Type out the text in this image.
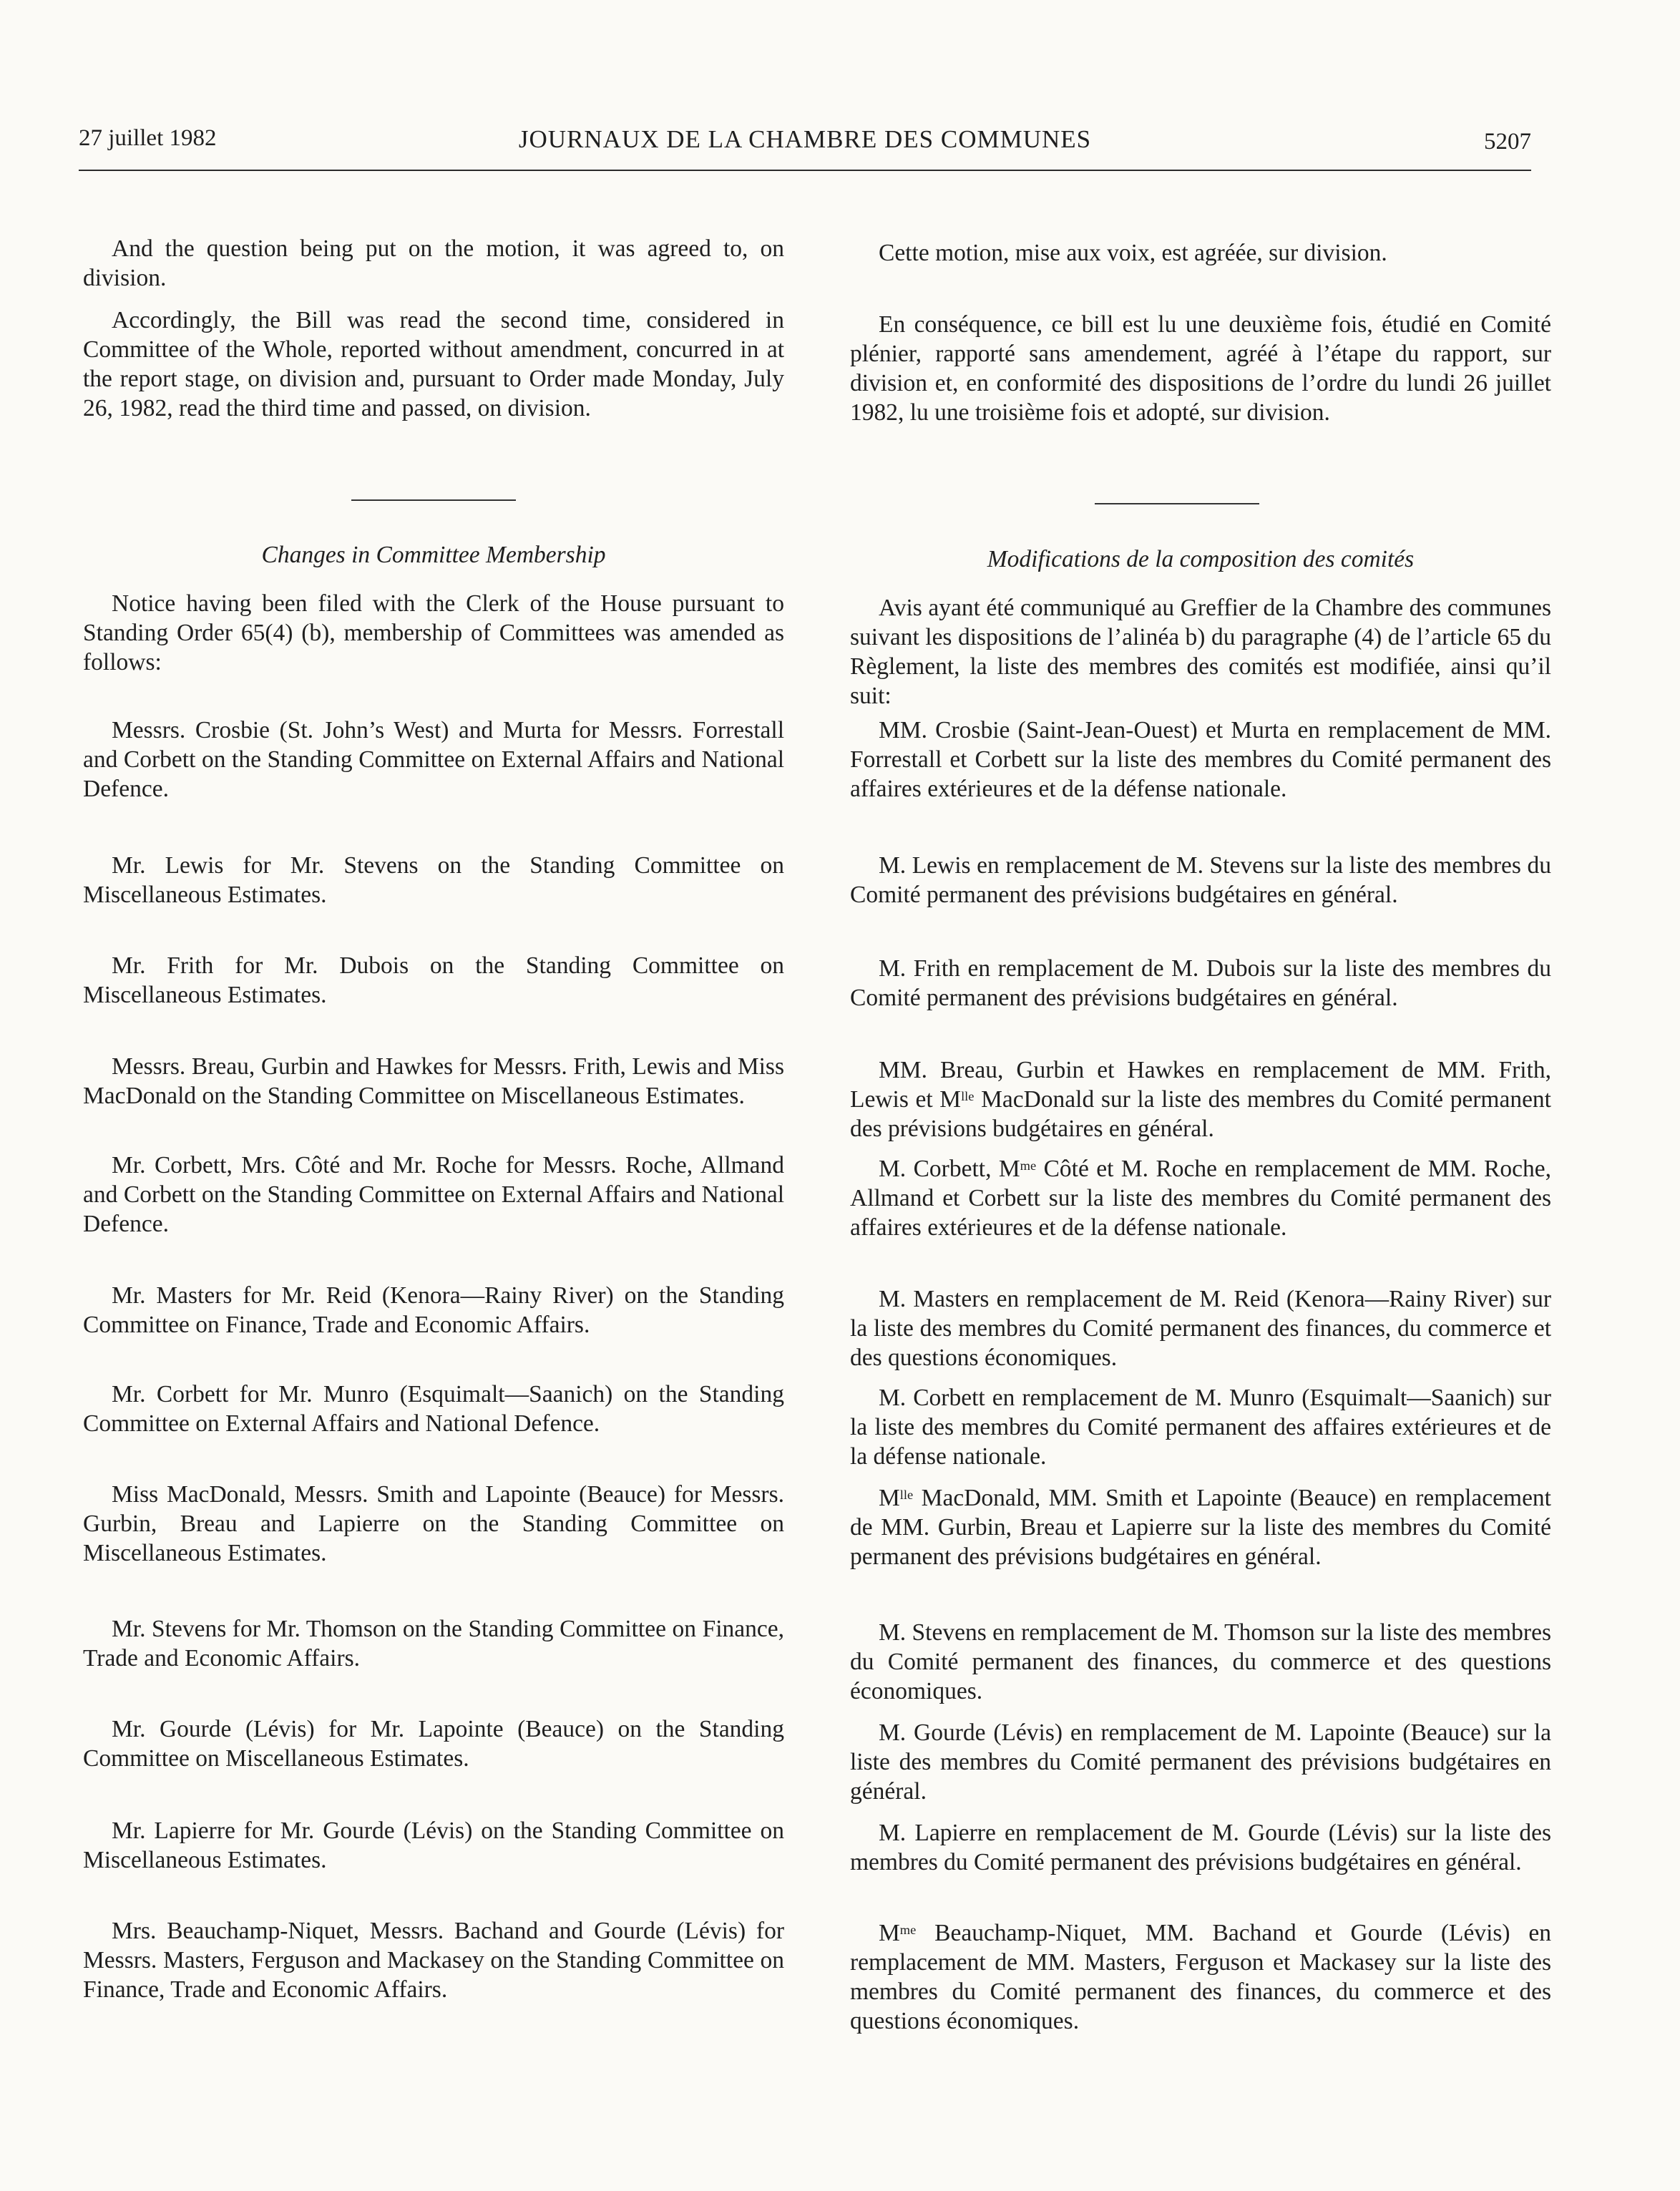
27 juillet 1982	JOURNAUX DE LA CHAMBRE DES COMMUNES	5207

And the question being put on the motion, it was agreed to, on division.

Accordingly, the Bill was read the second time, considered in Committee of the Whole, reported without amendment, concurred in at the report stage, on division and, pursuant to Order made Monday, July 26, 1982, read the third time and passed, on division.

Changes in Committee Membership

Notice having been filed with the Clerk of the House pursuant to Standing Order 65(4) (b), membership of Committees was amended as follows:

Messrs. Crosbie (St. John’s West) and Murta for Messrs. Forrestall and Corbett on the Standing Committee on External Affairs and National Defence.

Mr. Lewis for Mr. Stevens on the Standing Committee on Miscellaneous Estimates.

Mr. Frith for Mr. Dubois on the Standing Committee on Miscellaneous Estimates.

Messrs. Breau, Gurbin and Hawkes for Messrs. Frith, Lewis and Miss MacDonald on the Standing Committee on Miscellaneous Estimates.

Mr. Corbett, Mrs. Côté and Mr. Roche for Messrs. Roche, Allmand and Corbett on the Standing Committee on External Affairs and National Defence.

Mr. Masters for Mr. Reid (Kenora—Rainy River) on the Standing Committee on Finance, Trade and Economic Affairs.

Mr. Corbett for Mr. Munro (Esquimalt—Saanich) on the Standing Committee on External Affairs and National Defence.

Miss MacDonald, Messrs. Smith and Lapointe (Beauce) for Messrs. Gurbin, Breau and Lapierre on the Standing Committee on Miscellaneous Estimates.

Mr. Stevens for Mr. Thomson on the Standing Committee on Finance, Trade and Economic Affairs.

Mr. Gourde (Lévis) for Mr. Lapointe (Beauce) on the Standing Committee on Miscellaneous Estimates.

Mr. Lapierre for Mr. Gourde (Lévis) on the Standing Committee on Miscellaneous Estimates.

Mrs. Beauchamp-Niquet, Messrs. Bachand and Gourde (Lévis) for Messrs. Masters, Ferguson and Mackasey on the Standing Committee on Finance, Trade and Economic Affairs.

Cette motion, mise aux voix, est agréée, sur division.

En conséquence, ce bill est lu une deuxième fois, étudié en Comité plénier, rapporté sans amendement, agréé à l’étape du rapport, sur division et, en conformité des dispositions de l’ordre du lundi 26 juillet 1982, lu une troisième fois et adopté, sur division.

Modifications de la composition des comités

Avis ayant été communiqué au Greffier de la Chambre des communes suivant les dispositions de l’alinéa b) du paragraphe (4) de l’article 65 du Règlement, la liste des membres des comités est modifiée, ainsi qu’il suit:

MM. Crosbie (Saint-Jean-Ouest) et Murta en remplacement de MM. Forrestall et Corbett sur la liste des membres du Comité permanent des affaires extérieures et de la défense nationale.

M. Lewis en remplacement de M. Stevens sur la liste des membres du Comité permanent des prévisions budgétaires en général.

M. Frith en remplacement de M. Dubois sur la liste des membres du Comité permanent des prévisions budgétaires en général.

MM. Breau, Gurbin et Hawkes en remplacement de MM. Frith, Lewis et $M^{lle}$ MacDonald sur la liste des membres du Comité permanent des prévisions budgétaires en général.

M. Corbett, $M^{me}$ Côté et M. Roche en remplacement de MM. Roche, Allmand et Corbett sur la liste des membres du Comité permanent des affaires extérieures et de la défense nationale.

M. Masters en remplacement de M. Reid (Kenora—Rainy River) sur la liste des membres du Comité permanent des finances, du commerce et des questions économiques.

M. Corbett en remplacement de M. Munro (Esquimalt—Saanich) sur la liste des membres du Comité permanent des affaires extérieures et de la défense nationale.

$M^{lle}$ MacDonald, MM. Smith et Lapointe (Beauce) en remplacement de MM. Gurbin, Breau et Lapierre sur la liste des membres du Comité permanent des prévisions budgétaires en général.

M. Stevens en remplacement de M. Thomson sur la liste des membres du Comité permanent des finances, du commerce et des questions économiques.

M. Gourde (Lévis) en remplacement de M. Lapointe (Beauce) sur la liste des membres du Comité permanent des prévisions budgétaires en général.

M. Lapierre en remplacement de M. Gourde (Lévis) sur la liste des membres du Comité permanent des prévisions budgétaires en général.

$M^{me}$ Beauchamp-Niquet, MM. Bachand et Gourde (Lévis) en remplacement de MM. Masters, Ferguson et Mackasey sur la liste des membres du Comité permanent des finances, du commerce et des questions économiques.
